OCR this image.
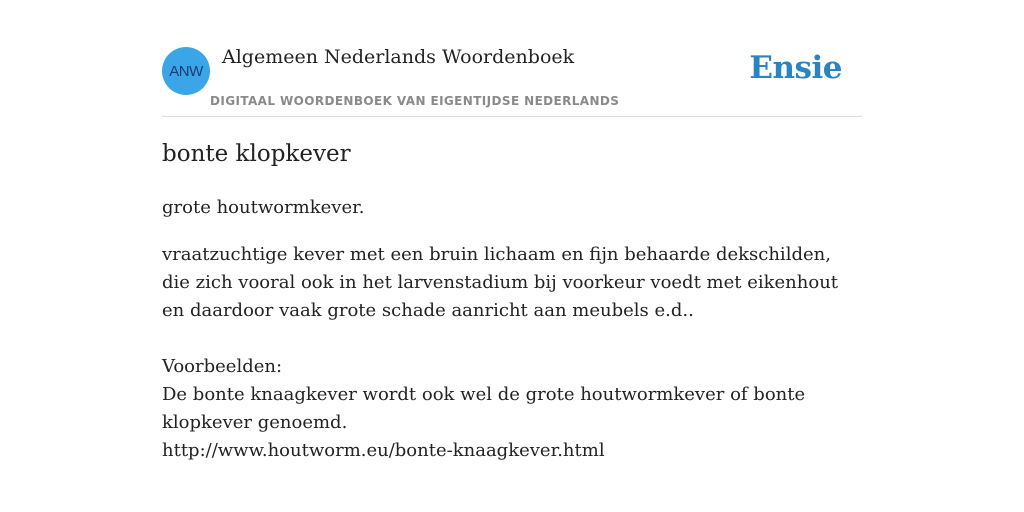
ANW
Algemeen Nederlands Woordenboek
DIGITAAL WOORDENBOEK VAN EIGENTIJDSE NEDERLANDS
Ensie
bonte klopkever

grote houtwormkever.

vraatzuchtige kever met een bruin lichaam en fijn behaarde dekschilden, die zich vooral ook in het larvenstadium bij voorkeur voedt met eikenhout en daardoor vaak grote schade aanricht aan meubels e.d..

Voorbeelden:
De bonte knaagkever wordt ook wel de grote houtwormkever of bonte klopkever genoemd.
http://www.houtworm.eu/bonte-knaagkever.html
